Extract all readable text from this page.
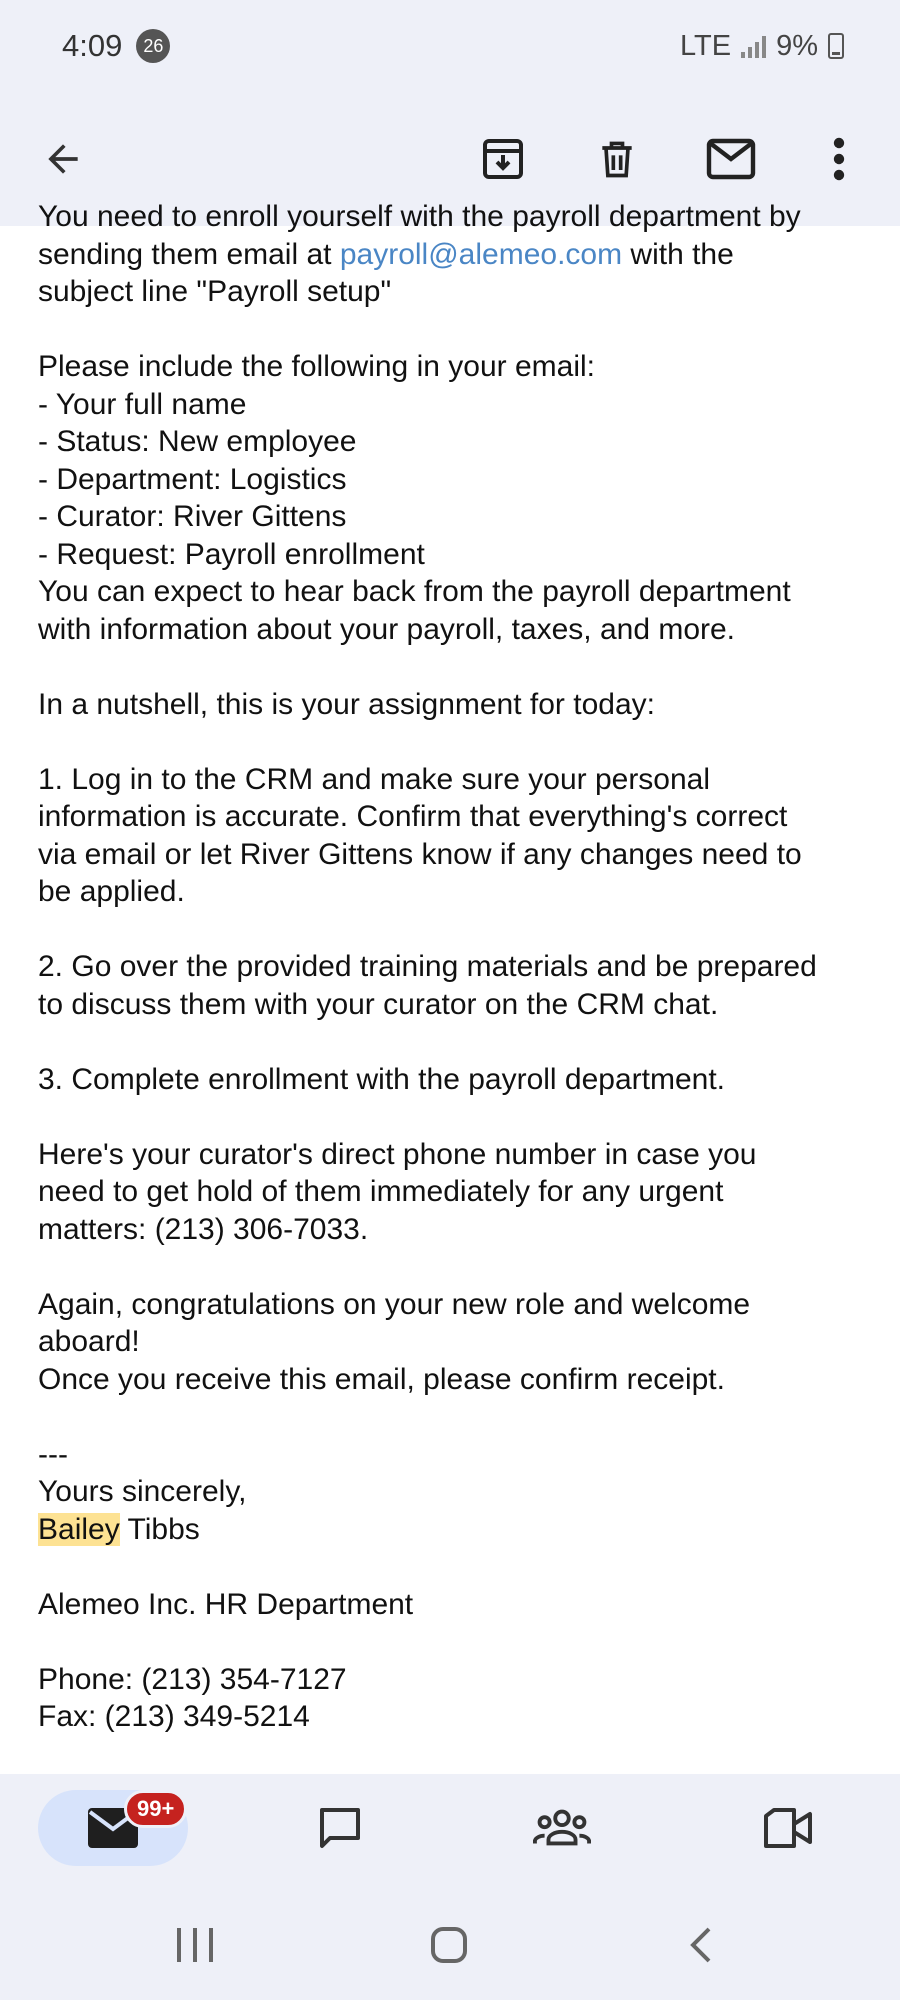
4:09	26	LTE 9%
You need to enroll yourself with the payroll department by
sending them email at payroll@alemeo.com with the
subject line "Payroll setup"
Please include the following in your email:
- Your full name
- Status: New employee
- Department: Logistics
- Curator: River Gittens
- Request: Payroll enrollment
You can expect to hear back from the payroll department
with information about your payroll, taxes, and more.
In a nutshell, this is your assignment for today:
1. Log in to the CRM and make sure your personal
information is accurate. Confirm that everything's correct
via email or let River Gittens know if any changes need to
be applied.
2. Go over the provided training materials and be prepared
to discuss them with your curator on the CRM chat.
3. Complete enrollment with the payroll department.
Here's your curator's direct phone number in case you
need to get hold of them immediately for any urgent
matters: (213) 306-7033.
Again, congratulations on your new role and welcome
aboard!
Once you receive this email, please confirm receipt.
---
Yours sincerely,
Bailey Tibbs
Alemeo Inc. HR Department
Phone: (213) 354-7127
Fax: (213) 349-5214
99+
